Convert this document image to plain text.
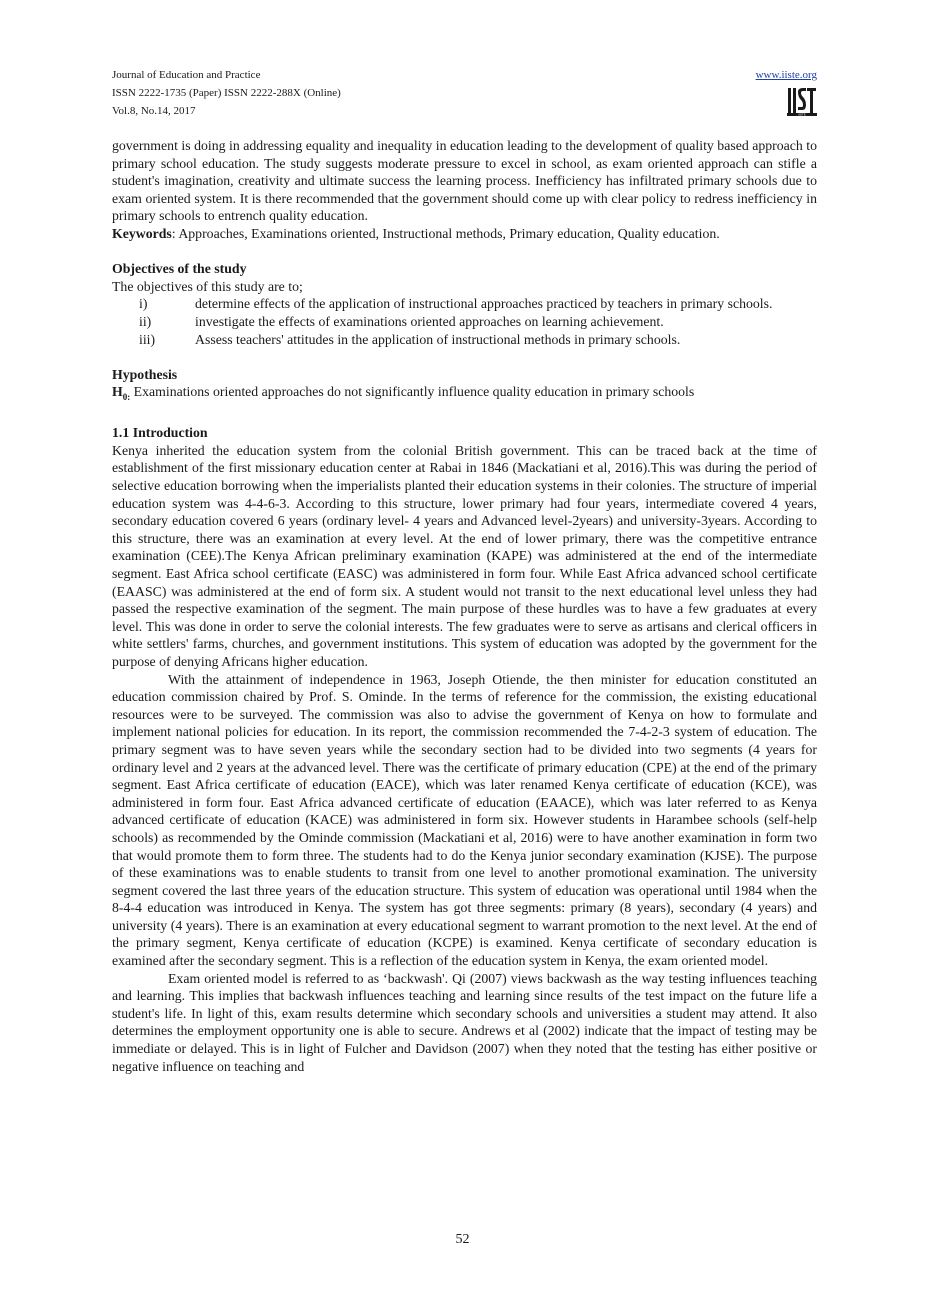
Journal of Education and Practice
ISSN 2222-1735 (Paper) ISSN 2222-288X (Online)
Vol.8, No.14, 2017
www.iiste.org
IISTE

government is doing in addressing equality and inequality in education leading to the development of quality based approach to primary school education. The study suggests moderate pressure to excel in school, as exam oriented approach can stifle a student's imagination, creativity and ultimate success the learning process. Inefficiency has infiltrated primary schools due to exam oriented system. It is there recommended that the government should come up with clear policy to redress inefficiency in primary schools to entrench quality education.

Keywords: Approaches, Examinations oriented, Instructional methods, Primary education, Quality education.

Objectives of the study

The objectives of this study are to;

i)	determine effects of the application of instructional approaches practiced by teachers in primary schools.
ii)	investigate the effects of examinations oriented approaches on learning achievement.
iii)	Assess teachers' attitudes in the application of instructional methods in primary schools.

Hypothesis

$H_{0:}$ Examinations oriented approaches do not significantly influence quality education in primary schools

1.1 Introduction

Kenya inherited the education system from the colonial British government. This can be traced back at the time of establishment of the first missionary education center at Rabai in 1846 (Mackatiani et al, 2016).This was during the period of selective education borrowing when the imperialists planted their education systems in their colonies. The structure of imperial education system was 4-4-6-3. According to this structure, lower primary had four years, intermediate covered 4 years, secondary education covered 6 years (ordinary level- 4 years and Advanced level-2years) and university-3years. According to this structure, there was an examination at every level. At the end of lower primary, there was the competitive entrance examination (CEE).The Kenya African preliminary examination (KAPE) was administered at the end of the intermediate segment. East Africa school certificate (EASC) was administered in form four. While East Africa advanced school certificate (EAASC) was administered at the end of form six. A student would not transit to the next educational level unless they had passed the respective examination of the segment. The main purpose of these hurdles was to have a few graduates at every level. This was done in order to serve the colonial interests. The few graduates were to serve as artisans and clerical officers in white settlers' farms, churches, and government institutions. This system of education was adopted by the government for the purpose of denying Africans higher education.

With the attainment of independence in 1963, Joseph Otiende, the then minister for education constituted an education commission chaired by Prof. S. Ominde. In the terms of reference for the commission, the existing educational resources were to be surveyed. The commission was also to advise the government of Kenya on how to formulate and implement national policies for education. In its report, the commission recommended the 7-4-2-3 system of education. The primary segment was to have seven years while the secondary section had to be divided into two segments (4 years for ordinary level and 2 years at the advanced level. There was the certificate of primary education (CPE) at the end of the primary segment. East Africa certificate of education (EACE), which was later renamed Kenya certificate of education (KCE), was administered in form four. East Africa advanced certificate of education (EAACE), which was later referred to as Kenya advanced certificate of education (KACE) was administered in form six. However students in Harambee schools (self-help schools) as recommended by the Ominde commission (Mackatiani et al, 2016) were to have another examination in form two that would promote them to form three. The students had to do the Kenya junior secondary examination (KJSE). The purpose of these examinations was to enable students to transit from one level to another promotional examination. The university segment covered the last three years of the education structure. This system of education was operational until 1984 when the 8-4-4 education was introduced in Kenya. The system has got three segments: primary (8 years), secondary (4 years) and university (4 years). There is an examination at every educational segment to warrant promotion to the next level. At the end of the primary segment, Kenya certificate of education (KCPE) is examined. Kenya certificate of secondary education is examined after the secondary segment. This is a reflection of the education system in Kenya, the exam oriented model.

Exam oriented model is referred to as ‘backwash'. Qi (2007) views backwash as the way testing influences teaching and learning. This implies that backwash influences teaching and learning since results of the test impact on the future life a student's life. In light of this, exam results determine which secondary schools and universities a student may attend. It also determines the employment opportunity one is able to secure. Andrews et al (2002) indicate that the impact of testing may be immediate or delayed. This is in light of Fulcher and Davidson (2007) when they noted that the testing has either positive or negative influence on teaching and

52
